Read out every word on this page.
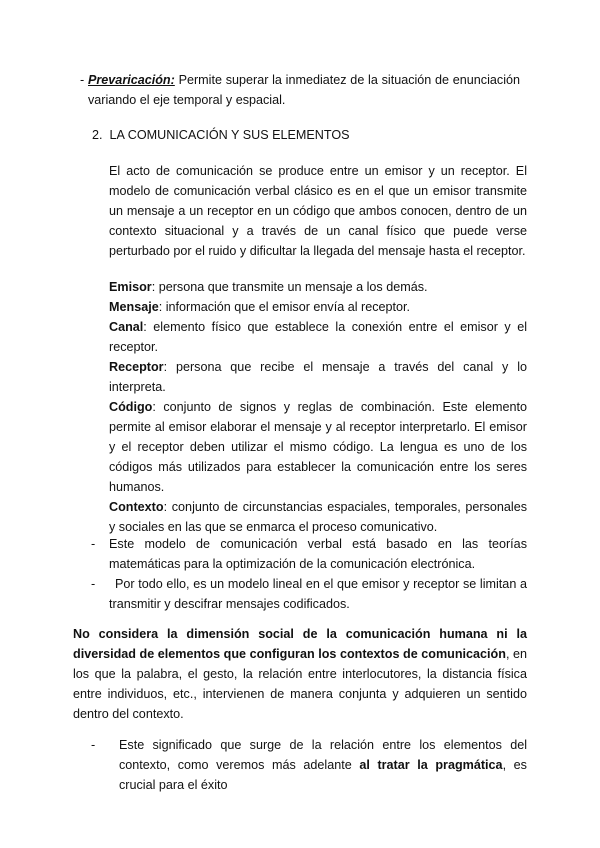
- Prevaricación: Permite superar la inmediatez de la situación de enunciación variando el eje temporal y espacial.
2. LA COMUNICACIÓN Y SUS ELEMENTOS
El acto de comunicación se produce entre un emisor y un receptor. El modelo de comunicación verbal clásico es en el que un emisor transmite un mensaje a un receptor en un código que ambos conocen, dentro de un contexto situacional y a través de un canal físico que puede verse perturbado por el ruido y dificultar la llegada del mensaje hasta el receptor.
Emisor: persona que transmite un mensaje a los demás.
Mensaje: información que el emisor envía al receptor.
Canal: elemento físico que establece la conexión entre el emisor y el receptor.
Receptor: persona que recibe el mensaje a través del canal y lo interpreta.
Código: conjunto de signos y reglas de combinación. Este elemento permite al emisor elaborar el mensaje y al receptor interpretarlo. El emisor y el receptor deben utilizar el mismo código. La lengua es uno de los códigos más utilizados para establecer la comunicación entre los seres humanos.
Contexto: conjunto de circunstancias espaciales, temporales, personales y sociales en las que se enmarca el proceso comunicativo.
- Este modelo de comunicación verbal está basado en las teorías matemáticas para la optimización de la comunicación electrónica.
-	Por todo ello, es un modelo lineal en el que emisor y receptor se limitan a transmitir y descifrar mensajes codificados.
No considera la dimensión social de la comunicación humana ni la diversidad de elementos que configuran los contextos de comunicación, en los que la palabra, el gesto, la relación entre interlocutores, la distancia física entre individuos, etc., intervienen de manera conjunta y adquieren un sentido dentro del contexto.
- Este significado que surge de la relación entre los elementos del contexto, como veremos más adelante al tratar la pragmática, es crucial para el éxito
